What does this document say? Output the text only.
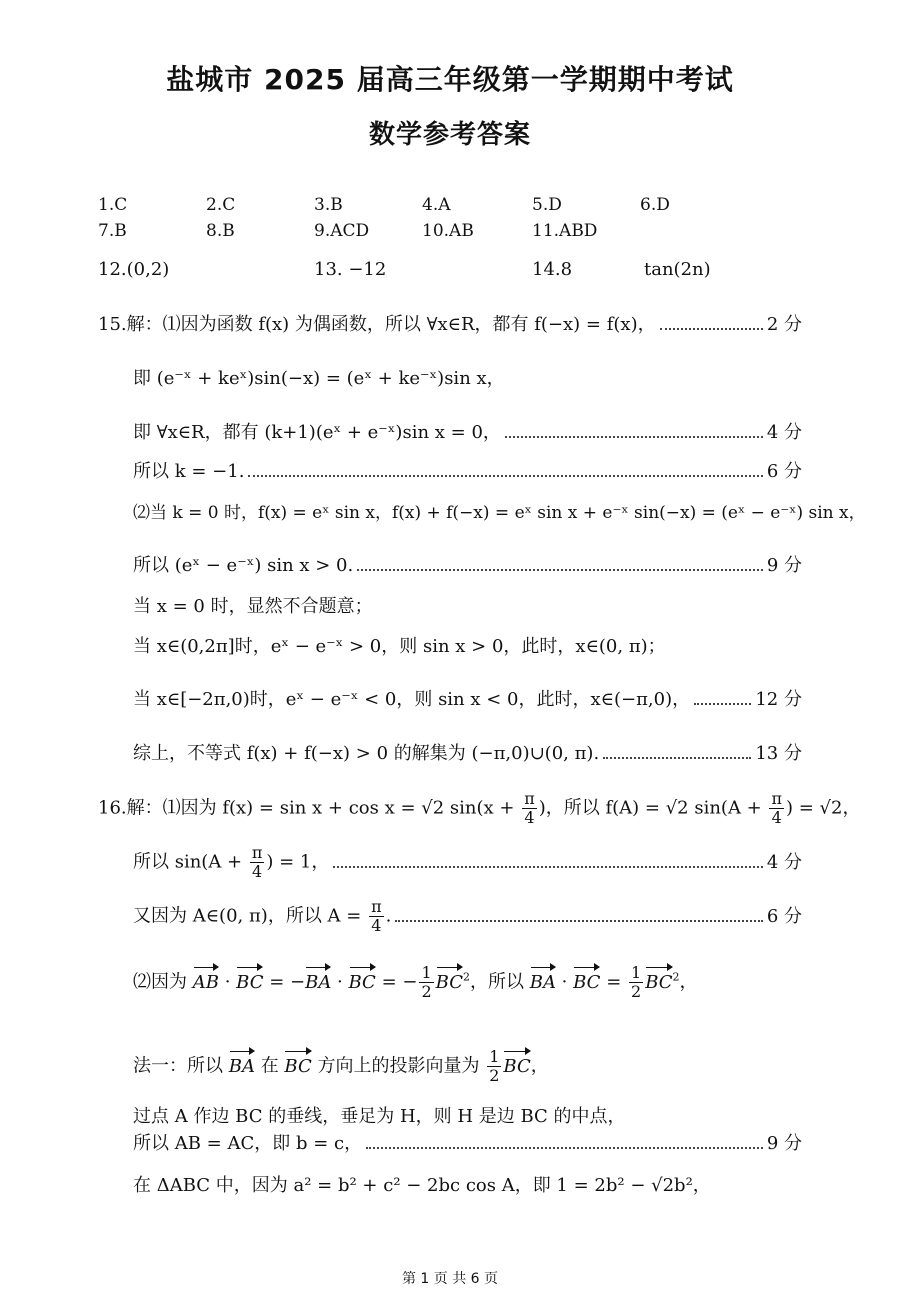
盐城市 2025 届高三年级第一学期期中考试
数学参考答案
1.C	2.C	3.B	4.A	5.D	6.D
7.B	8.B	9.ACD	10.AB	11.ABD
12.(0,2)	13. −12	14.8	tan(2n)
15.解：⑴因为函数 f(x) 为偶函数，所以 ∀x∈R，都有 f(−x) = f(x)，	2 分
即 (e⁻ˣ + keˣ)sin(−x) = (eˣ + ke⁻ˣ)sin x，
即 ∀x∈R，都有 (k+1)(eˣ + e⁻ˣ)sin x = 0，	4 分
所以 k = −1.	6 分
⑵当 k = 0 时，f(x) = eˣ sin x，f(x) + f(−x) = eˣ sin x + e⁻ˣ sin(−x) = (eˣ − e⁻ˣ) sin x，
所以 (eˣ − e⁻ˣ) sin x > 0.	9 分
当 x = 0 时，显然不合题意；
当 x∈(0,2π]时，eˣ − e⁻ˣ > 0，则 sin x > 0，此时，x∈(0, π)；
当 x∈[−2π,0)时，eˣ − e⁻ˣ < 0，则 sin x < 0，此时，x∈(−π,0)，	12 分
综上，不等式 f(x) + f(−x) > 0 的解集为 (−π,0)∪(0, π).	13 分
16.解：⑴因为 f(x) = sin x + cos x = √2 $\sin(x + \frac{\pi}{4}$ )，所以 f(A) = √2 $\sin(A + \frac{\pi}{4}$ ) = √2，
所以 $\sin(A + \frac{\pi}{4}$ ) = 1，	4 分
又因为 A∈(0, π)，所以 $A = \frac{\pi}{4}$ .	6 分
⑵因为 AB · BC = −BA · BC = − $\frac{1}{2} BC^2$，所以 BA · BC = $\frac{1}{2} BC^2$，
法一：所以 BA 在 BC 方向上的投影向量为 $\frac{1}{2}$ BC，
过点 A 作边 BC 的垂线，垂足为 H，则 H 是边 BC 的中点，
所以 AB = AC，即 b = c，	9 分
在 ΔABC 中，因为 a² = b² + c² − 2bc cos A，即 1 = 2b² − √2b²，
第 1 页 共 6 页
